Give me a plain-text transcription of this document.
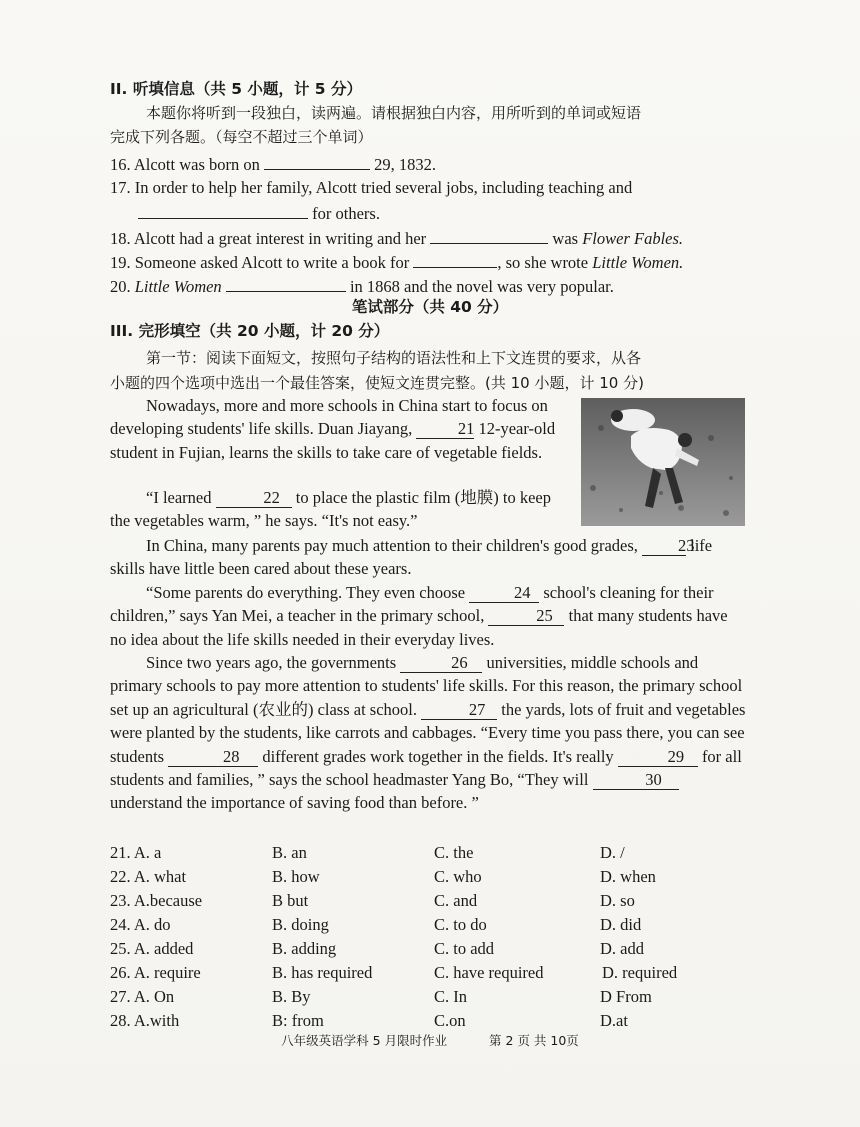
II. 听填信息（共 5 小题，计 5 分）
本题你将听到一段独白，读两遍。请根据独白内容，用所听到的单词或短语
完成下列各题。（每空不超过三个单词）
16. Alcott was born on	29, 1832.
17. In order to help her family, Alcott tried several jobs, including teaching and
for others.
18. Alcott had a great interest in writing and her	was Flower Fables.
19. Someone asked Alcott to write a book for	, so she wrote Little Women.
20. Little Women	in 1868 and the novel was very popular.
笔试部分（共 40 分）
III. 完形填空（共 20 小题，计 20 分）
第一节：阅读下面短文，按照句子结构的语法性和上下文连贯的要求，从各
小题的四个选项中选出一个最佳答案，使短文连贯完整。(共 10 小题，计 10 分)
Nowadays, more and more schools in China start to focus on developing students' life skills. Duan Jiayang,	21 12-year-old student in Fujian, learns the skills to take care of vegetable fields.
“I learned	22 to place the plastic film (地膜) to keep the vegetables warm, ” he says. “It's not easy.”
In China, many parents pay much attention to their children's good grades, 23 life skills have little been cared about these years.
“Some parents do everything. They even choose	24 school's cleaning for their children,” says Yan Mei, a teacher in the primary school,	25 that many students have no idea about the life skills needed in their everyday lives.
Since two years ago, the governments	26 universities, middle schools and primary schools to pay more attention to students' life skills. For this reason, the primary school set up an agricultural (农业的) class at school.	27 the yards, lots of fruit and vegetables were planted by the students, like carrots and cabbages. “Every time you pass there, you can see students	28 different grades work together in the fields. It's really	29 for all students and families, ” says the school headmaster Yang Bo, “They will	30 understand the importance of saving food than before. ”
21. A. a	B. an	C. the	D. /
22. A. what	B. how	C. who	D. when
23. A.because	B but	C. and	D. so
24. A. do	B. doing	C. to do	D. did
25. A. added	B. adding	C. to add	D. add
26. A. require	B. has required	C. have required	D. required
27. A. On	B. By	C. In	D From
28. A.with	B: from	C.on	D.at
八年级英语学科 5 月限时作业	第 2 页 共 10页
